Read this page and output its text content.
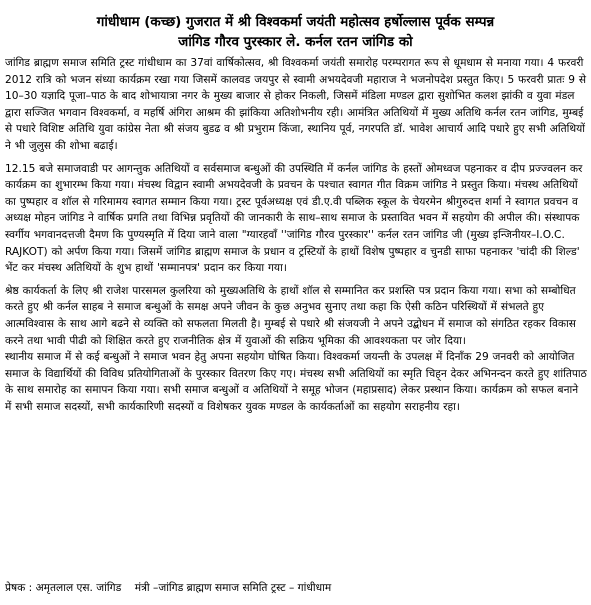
गांधीधाम (कच्छ) गुजरात में श्री विश्वकर्मा जयंती महोत्सव हर्षोल्लास पूर्वक सम्पन्न
जांगिड गौरव पुरस्कार ले. कर्नल रतन जांगिड को

जांगिड ब्राह्मण समाज समिति ट्रस्ट गांधीधाम का 37वां वार्षिकोत्सव, श्री विश्वकर्मा जयंती समारोह परम्परागत रूप से धूमधाम से मनाया गया। 4 फरवरी 2012 रात्रि को भजन संध्या कार्यक्रम रखा गया जिसमें कालवड जयपुर से स्वामी अभयदेवजी महाराज ने भजनोपदेश प्रस्तुत किए। 5 फरवरी प्रातः 9 से 10–30 यज्ञादि पूजा–पाठ के बाद शोभायात्रा नगर के मुख्य बाजार से होकर निकली, जिसमें मंडिला मण्डल द्वारा सुशोभित कलश झांकी व युवा मंडल द्वारा सज्जित भगवान विश्वकर्मा, व महर्षि अंगिरा आश्रम की झांकिया अतिशोभनीय रही। आमंत्रित अतिथियों में मुख्य अतिथि कर्नल रतन जांगिड, मुम्बई से पधारे विशिष्ट अतिथि युवा कांग्रेस नेता श्री संजय बुडढ व श्री प्रभुराम किंजा, स्थानिय पूर्व, नगरपति डॉ. भावेश आचार्य आदि पधारे हुए सभी अतिथियों ने भी जुलुस की शोभा बढाई।

12.15 बजे समाजवाडी पर आगन्तुक अतिथियों व सर्वसमाज बन्धुओं की उपस्थिति में कर्नल जांगिड के हस्तों ओमध्वज पहनाकर व दीप प्रज्ज्वलन कर कार्यक्रम का शुभारम्भ किया गया। मंचस्थ विद्वान स्वामी अभयदेवजी के प्रवचन के पश्चात स्वागत गीत विक्रम जांगिड ने प्रस्तुत किया। मंचस्थ अतिथियों का पुष्पहार व शॉल से गरिमामय स्वागत सम्मान किया गया। ट्रस्ट पूर्वअध्यक्ष एवं डी.ए.वी पब्लिक स्कूल के चेयरमेन श्रीगुरुदत्त शर्मा ने स्वागत प्रवचन व अध्यक्ष मोहन जांगिड ने वार्षिक प्रगति तथा विभिन्न प्रवृतियों की जानकारी के साथ–साथ समाज के प्रस्तावित भवन में सहयोग की अपील की। संस्थापक स्वर्गीय भगवानदत्तजी दैमण कि पुण्यस्मृति में दिया जाने वाला "ग्यारहवॉं ''जांगिड गौरव पुरस्कार'' कर्नल रतन जांगिड जी (मुख्य इन्जिनीयर–I.O.C. RAJKOT) को अर्पण किया गया। जिसमें जांगिड ब्राह्मण समाज के प्रधान व ट्रस्टियों के हाथों विशेष पुष्पहार व चुनडी साफा पहनाकर 'चांदी की शिल्ड' भेंट कर मंचस्थ अतिथियों के शुभ हाथों 'सम्मानपत्र' प्रदान कर किया गया।

श्रेष्ठ कार्यकर्ता के लिए श्री राजेश पारसमल कुलरिया को मुख्यअतिथि के हाथों शॉल से सम्मानित कर प्रशस्ति पत्र प्रदान किया गया। सभा को सम्बोधित करते हुए श्री कर्नल साहब ने समाज बन्धुओं के समक्ष अपने जीवन के कुछ अनुभव सुनाए तथा कहा कि ऐसी कठिन परिस्थियों में संभलते हुए आत्मविश्वास के साथ आगे बढने से व्यक्ति को सफलता मिलती है। मुम्बई से पधारे श्री संजयजी ने अपने उद्बोधन में समाज को संगठित रहकर विकास करने तथा भावी पीढी को शिक्षित करते हुए राजनीतिक क्षेत्र में युवाओं की सक्रिय भूमिका की आवश्यकता पर जोर दिया।

स्थानीय समाज में से कई बन्धुओं ने समाज भवन हेतु अपना सहयोग घोषित किया। विश्वकर्मा जयन्ती के उपलक्ष में दिनाँक 29 जनवरी को आयोजित समाज के विद्यार्थियों की विविध प्रतियोगिताओं के पुरस्कार वितरण किए गए। मंचस्थ सभी अतिथियों का स्मृति चिह्‌न देकर अभिनन्दन करते हुए शांतिपाठ के साथ समारोह का समापन किया गया। सभी समाज बन्धुओं व अतिथियों ने समूह भोजन (महाप्रसाद) लेकर प्रस्थान किया। कार्यक्रम को सफल बनाने में सभी समाज सदस्यों, सभी कार्यकारिणी सदस्यों व विशेषकर युवक मण्डल के कार्यकर्ताओं का सहयोग सराहनीय रहा।

प्रेषक : अमृतलाल एस. जांगिड    मंत्री –जांगिड ब्राह्मण समाज समिति ट्रस्ट – गांधीधाम
